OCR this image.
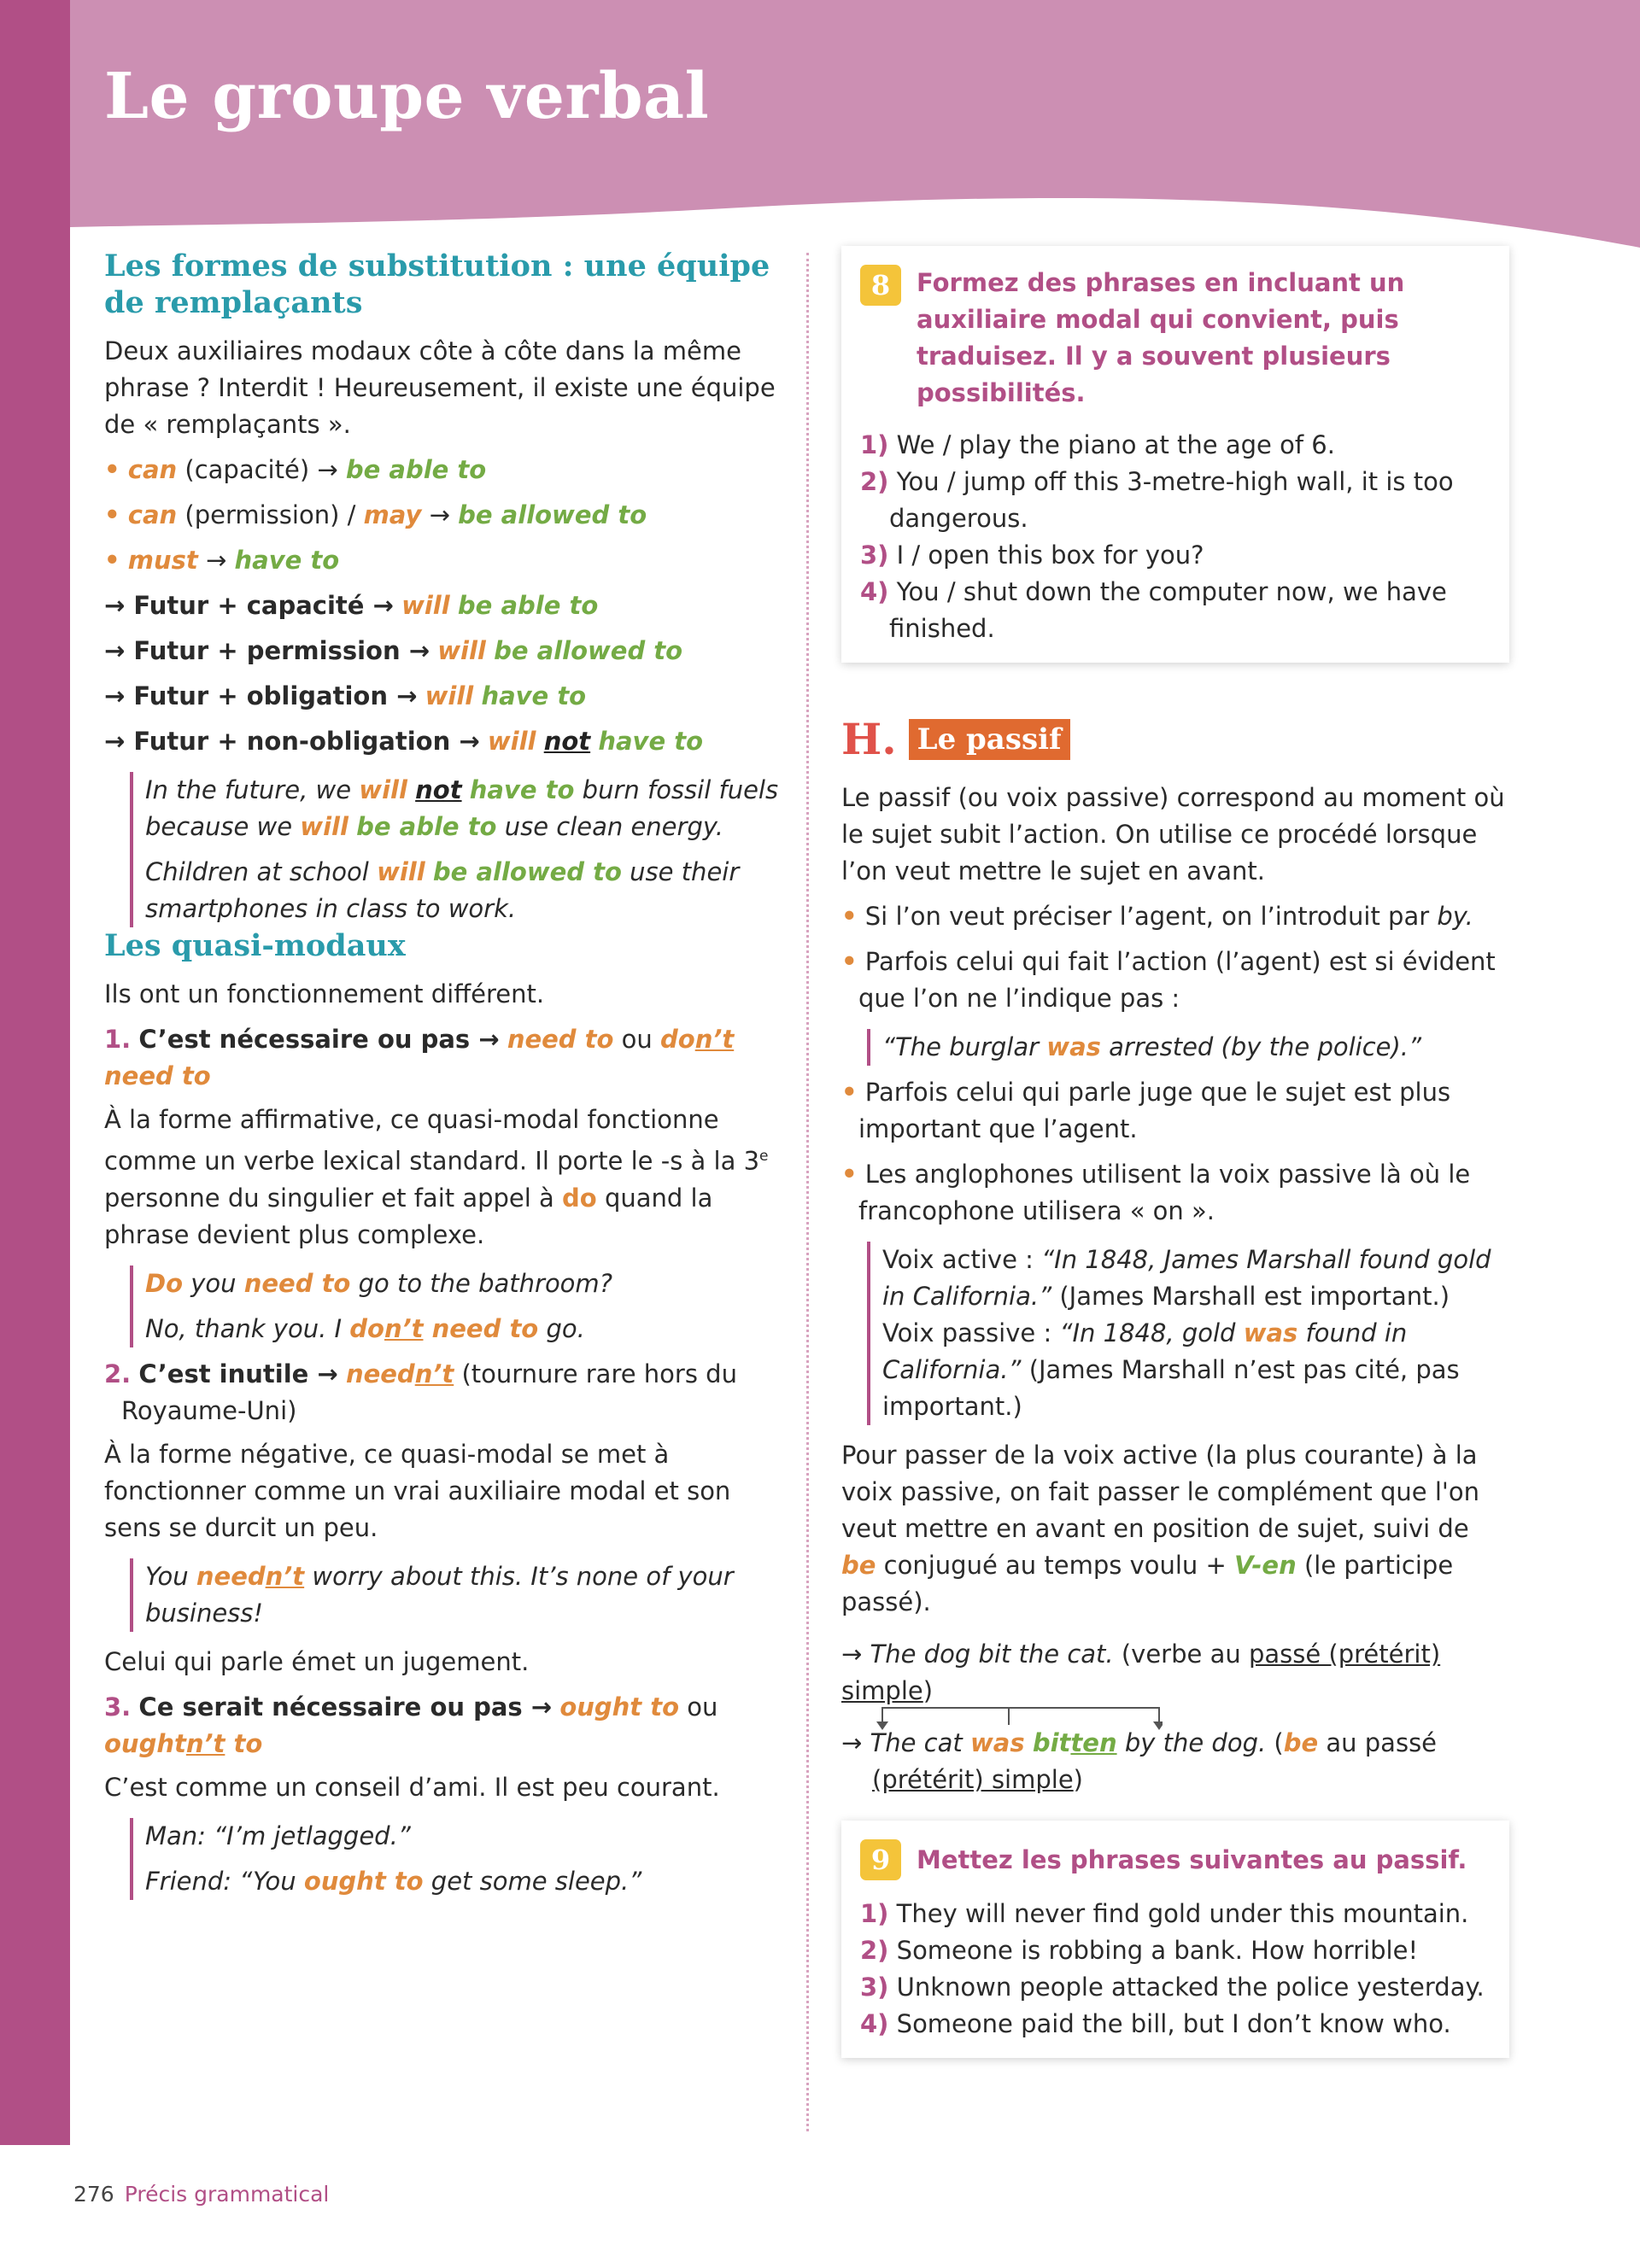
Le groupe verbal
Les formes de substitution : une équipe de remplaçants

Deux auxiliaires modaux côte à côte dans la même phrase ? Interdit ! Heureusement, il existe une équipe de « remplaçants ».

• can (capacité) → be able to
• can (permission) / may → be allowed to
• must → have to
→ Futur + capacité → will be able to
→ Futur + permission → will be allowed to
→ Futur + obligation → will have to
→ Futur + non-obligation → will not have to

In the future, we will not have to burn fossil fuels because we will be able to use clean energy.

Children at school will be allowed to use their smartphones in class to work.

Les quasi-modaux

Ils ont un fonctionnement différent.

1. C’est nécessaire ou pas → need to ou don’t need to

À la forme affirmative, ce quasi-modal fonctionne comme un verbe lexical standard. Il porte le -s à la 3e personne du singulier et fait appel à do quand la phrase devient plus complexe.

Do you need to go to the bathroom?

No, thank you. I don’t need to go.

2. C’est inutile → needn’t (tournure rare hors du Royaume-Uni)

À la forme négative, ce quasi-modal se met à fonctionner comme un vrai auxiliaire modal et son sens se durcit un peu.

You needn’t worry about this. It’s none of your business!

Celui qui parle émet un jugement.

3. Ce serait nécessaire ou pas → ought to ou oughtn’t to

C’est comme un conseil d’ami. Il est peu courant.

Man: “I’m jetlagged.”

Friend: “You ought to get some sleep.”

8	Formez des phrases en incluant un auxiliaire modal qui convient, puis traduisez. Il y a souvent plusieurs possibilités.
1) We / play the piano at the age of 6.
2) You / jump off this 3-metre-high wall, it is too dangerous.
3) I / open this box for you?
4) You / shut down the computer now, we have finished.
H. Le passif

Le passif (ou voix passive) correspond au moment où le sujet subit l’action. On utilise ce procédé lorsque l’on veut mettre le sujet en avant.

• Si l’on veut préciser l’agent, on l’introduit par by.
• Parfois celui qui fait l’action (l’agent) est si évident que l’on ne l’indique pas :

“The burglar was arrested (by the police).”

• Parfois celui qui parle juge que le sujet est plus important que l’agent.
• Les anglophones utilisent la voix passive là où le francophone utilisera « on ».

Voix active : “In 1848, James Marshall found gold in California.” (James Marshall est important.)

Voix passive : “In 1848, gold was found in California.” (James Marshall n’est pas cité, pas important.)

Pour passer de la voix active (la plus courante) à la voix passive, on fait passer le complément que l'on veut mettre en avant en position de sujet, suivi de be conjugué au temps voulu + V-en (le participe passé).

→ The dog bit the cat. (verbe au passé (prétérit) simple)

→ The cat was bitten by the dog. (be au passé (prétérit) simple)

9	Mettez les phrases suivantes au passif.
1) They will never find gold under this mountain.
2) Someone is robbing a bank. How horrible!
3) Unknown people attacked the police yesterday.
4) Someone paid the bill, but I don’t know who.
276 Précis grammatical
